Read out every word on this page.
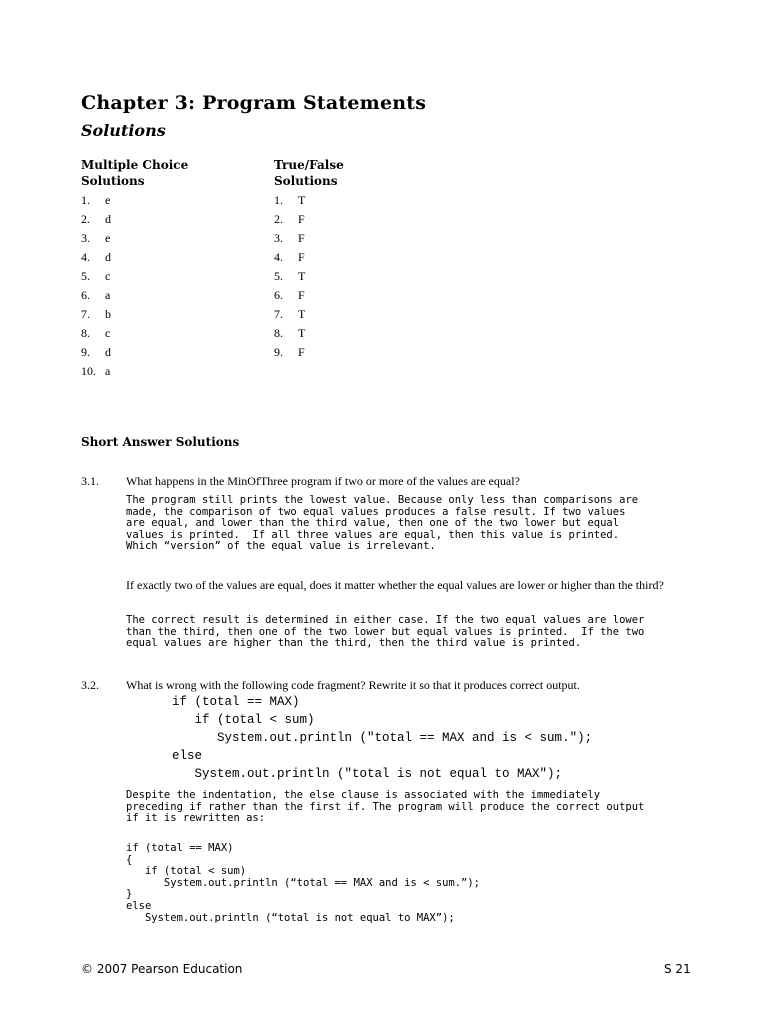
Chapter 3: Program Statements
Solutions
Multiple Choice
Solutions
1. e
2. d
3. e
4. d
5. c
6. a
7. b
8. c
9. d
10. a
True/False
Solutions
1. T
2. F
3. F
4. F
5. T
6. F
7. T
8. T
9. F
Short Answer Solutions
3.1. What happens in the MinOfThree program if two or more of the values are equal?

The program still prints the lowest value. Because only less than comparisons are
made, the comparison of two equal values produces a false result. If two values
are equal, and lower than the third value, then one of the two lower but equal
values is printed.  If all three values are equal, then this value is printed.
Which “version” of the equal value is irrelevant.

If exactly two of the values are equal, does it matter whether the equal values are lower or higher than the third?

The correct result is determined in either case. If the two equal values are lower
than the third, then one of the two lower but equal values is printed.  If the two
equal values are higher than the third, then the third value is printed.
3.2. What is wrong with the following code fragment? Rewrite it so that it produces correct output.

if (total == MAX)
if (total < sum)
System.out.println ("total == MAX and is < sum.");
else
System.out.println ("total is not equal to MAX");
Despite the indentation, the else clause is associated with the immediately
preceding if rather than the first if. The program will produce the correct output
if it is rewritten as:
if (total == MAX)
{
if (total < sum)
System.out.println (“total == MAX and is < sum.”);
}
else
System.out.println (“total is not equal to MAX”);
© 2007 Pearson Education	S 21
